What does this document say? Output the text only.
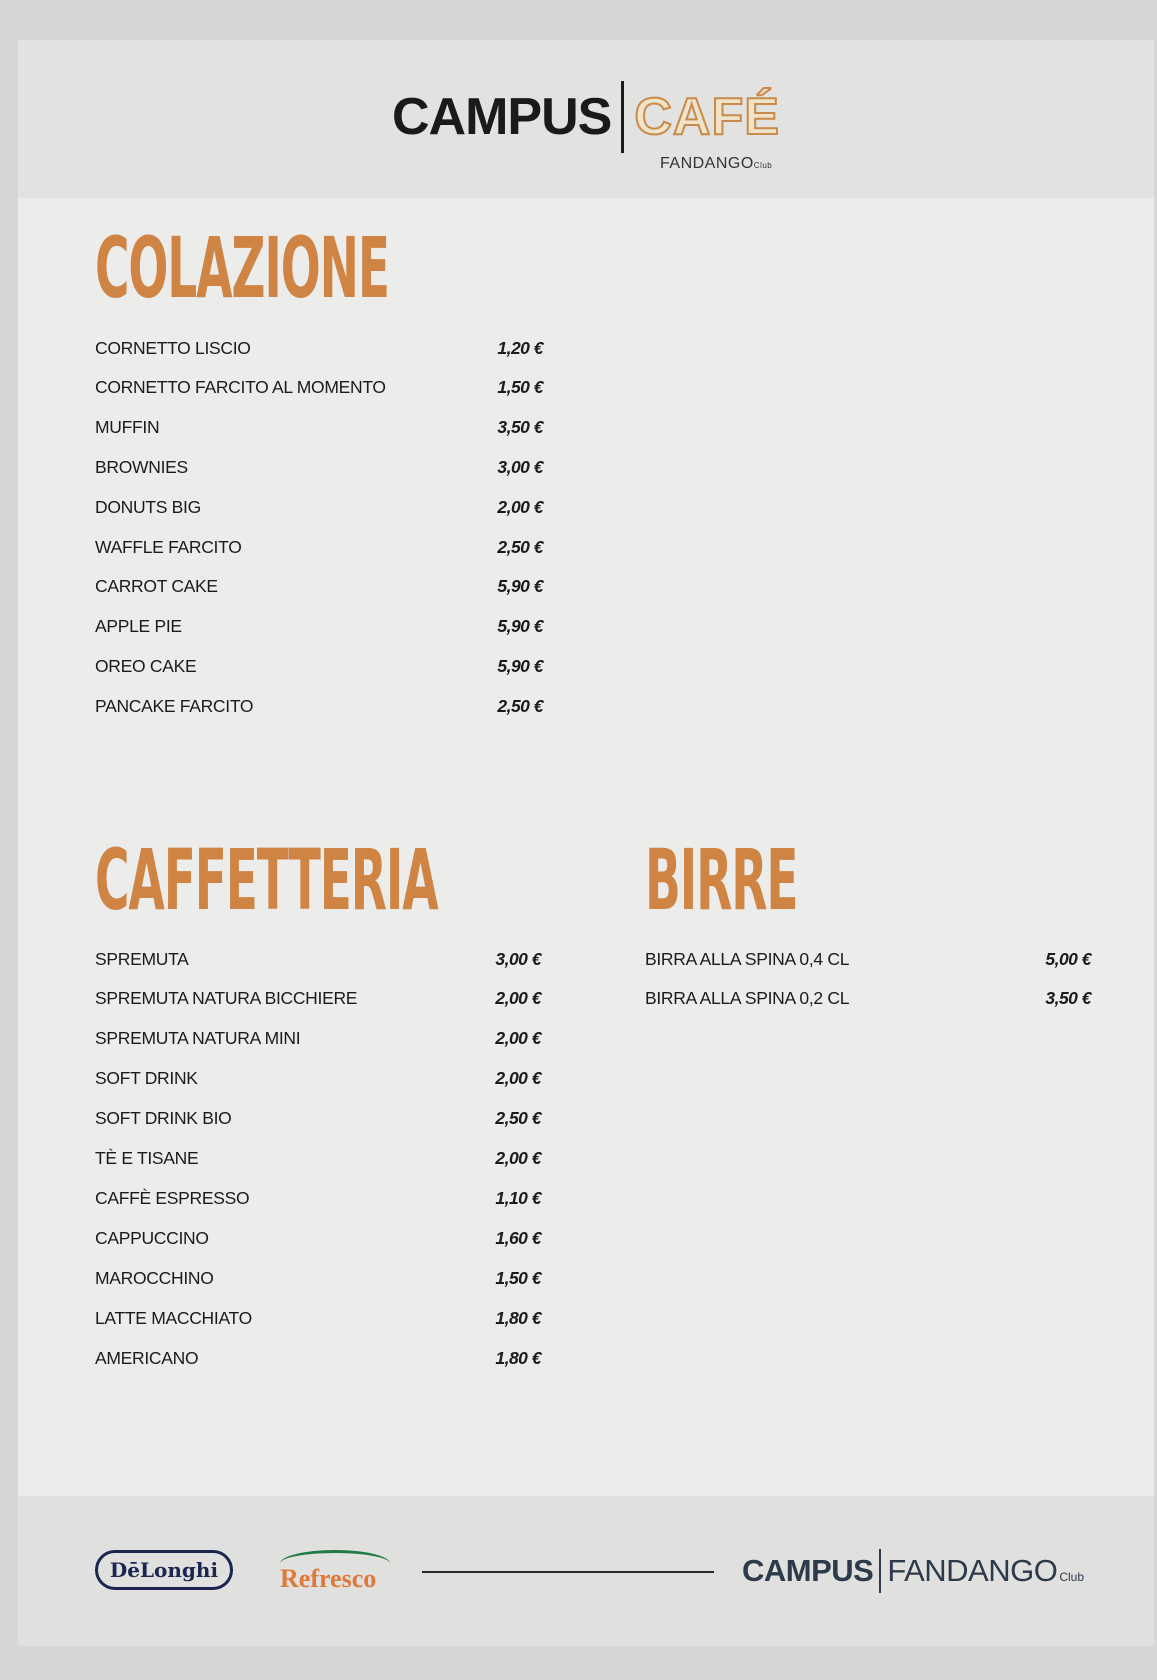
CAMPUS CAFÉ
FANDANGOClub
COLAZIONE
CORNETTO LISCIO	1,20 €
CORNETTO FARCITO AL MOMENTO	1,50 €
MUFFIN	3,50 €
BROWNIES	3,00 €
DONUTS BIG	2,00 €
WAFFLE FARCITO	2,50 €
CARROT CAKE	5,90 €
APPLE PIE	5,90 €
OREO CAKE	5,90 €
PANCAKE FARCITO	2,50 €
CAFFETTERIA
SPREMUTA	3,00 €
SPREMUTA NATURA BICCHIERE	2,00 €
SPREMUTA NATURA MINI	2,00 €
SOFT DRINK	2,00 €
SOFT DRINK BIO	2,50 €
TÈ E TISANE	2,00 €
CAFFÈ ESPRESSO	1,10 €
CAPPUCCINO	1,60 €
MAROCCHINO	1,50 €
LATTE MACCHIATO	1,80 €
AMERICANO	1,80 €
BIRRE
BIRRA ALLA SPINA 0,4 CL	5,00 €
BIRRA ALLA SPINA 0,2 CL	3,50 €
DēLonghi	Refresco	CAMPUS FANDANGO Club
